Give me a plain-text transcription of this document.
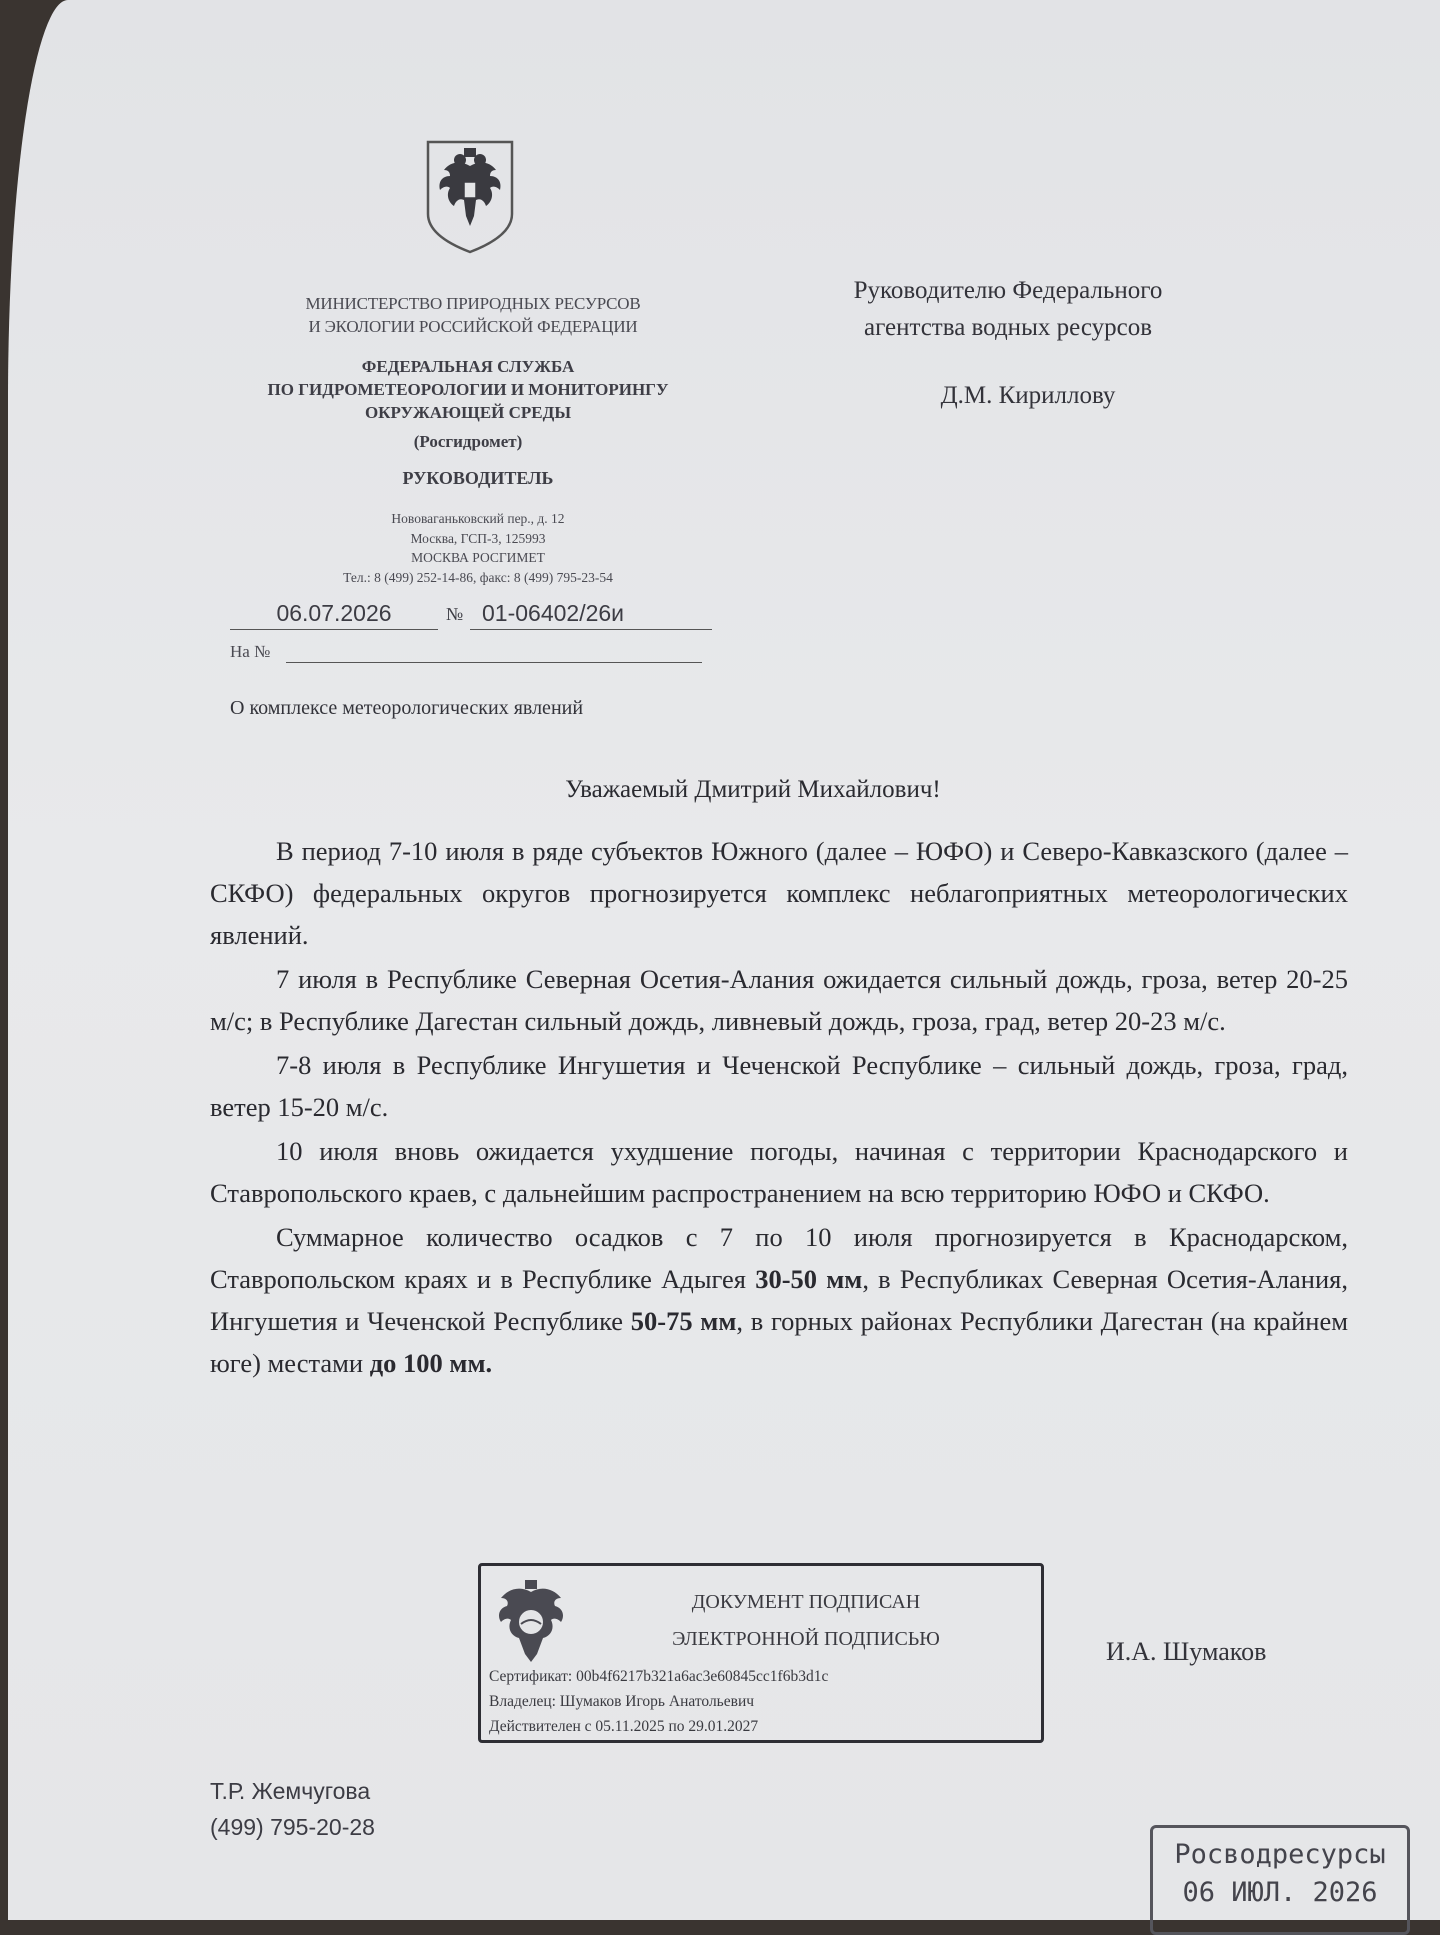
МИНИСТЕРСТВО ПРИРОДНЫХ РЕСУРСОВ
И ЭКОЛОГИИ РОССИЙСКОЙ ФЕДЕРАЦИИ
ФЕДЕРАЛЬНАЯ СЛУЖБА
ПО ГИДРОМЕТЕОРОЛОГИИ И МОНИТОРИНГУ
ОКРУЖАЮЩЕЙ СРЕДЫ
(Росгидромет)
РУКОВОДИТЕЛЬ
Нововаганьковский пер., д. 12
Москва, ГСП-3, 125993
МОСКВА РОСГИМЕТ
Тел.: 8 (499) 252-14-86, факс: 8 (499) 795-23-54
06.07.2026	№ 01-06402/26и
На №
О комплексе метеорологических явлений
Руководителю Федерального
агентства водных ресурсов
Д.М. Кириллову
Уважаемый Дмитрий Михайлович!

В период 7-10 июля в ряде субъектов Южного (далее – ЮФО) и Северо-Кавказского (далее – СКФО) федеральных округов прогнозируется комплекс неблагоприятных метеорологических явлений.

7 июля в Республике Северная Осетия-Алания ожидается сильный дождь, гроза, ветер 20-25 м/с; в Республике Дагестан сильный дождь, ливневый дождь, гроза, град, ветер 20-23 м/с.

7-8 июля в Республике Ингушетия и Чеченской Республике – сильный дождь, гроза, град, ветер 15-20 м/с.

10 июля вновь ожидается ухудшение погоды, начиная с территории Краснодарского и Ставропольского краев, с дальнейшим распространением на всю территорию ЮФО и СКФО.

Суммарное количество осадков с 7 по 10 июля прогнозируется в Краснодарском, Ставропольском краях и в Республике Адыгея 30-50 мм, в Республиках Северная Осетия-Алания, Ингушетия и Чеченской Республике 50-75 мм, в горных районах Республики Дагестан (на крайнем юге) местами до 100 мм.

ДОКУМЕНТ ПОДПИСАН
ЭЛЕКТРОННОЙ ПОДПИСЬЮ
Сертификат: 00b4f6217b321a6ac3e60845cc1f6b3d1c
Владелец: Шумаков Игорь Анатольевич
Действителен с 05.11.2025 по 29.01.2027
И.А. Шумаков
Т.Р. Жемчугова
(499) 795-20-28
Росводресурсы
06 ИЮЛ. 2026
